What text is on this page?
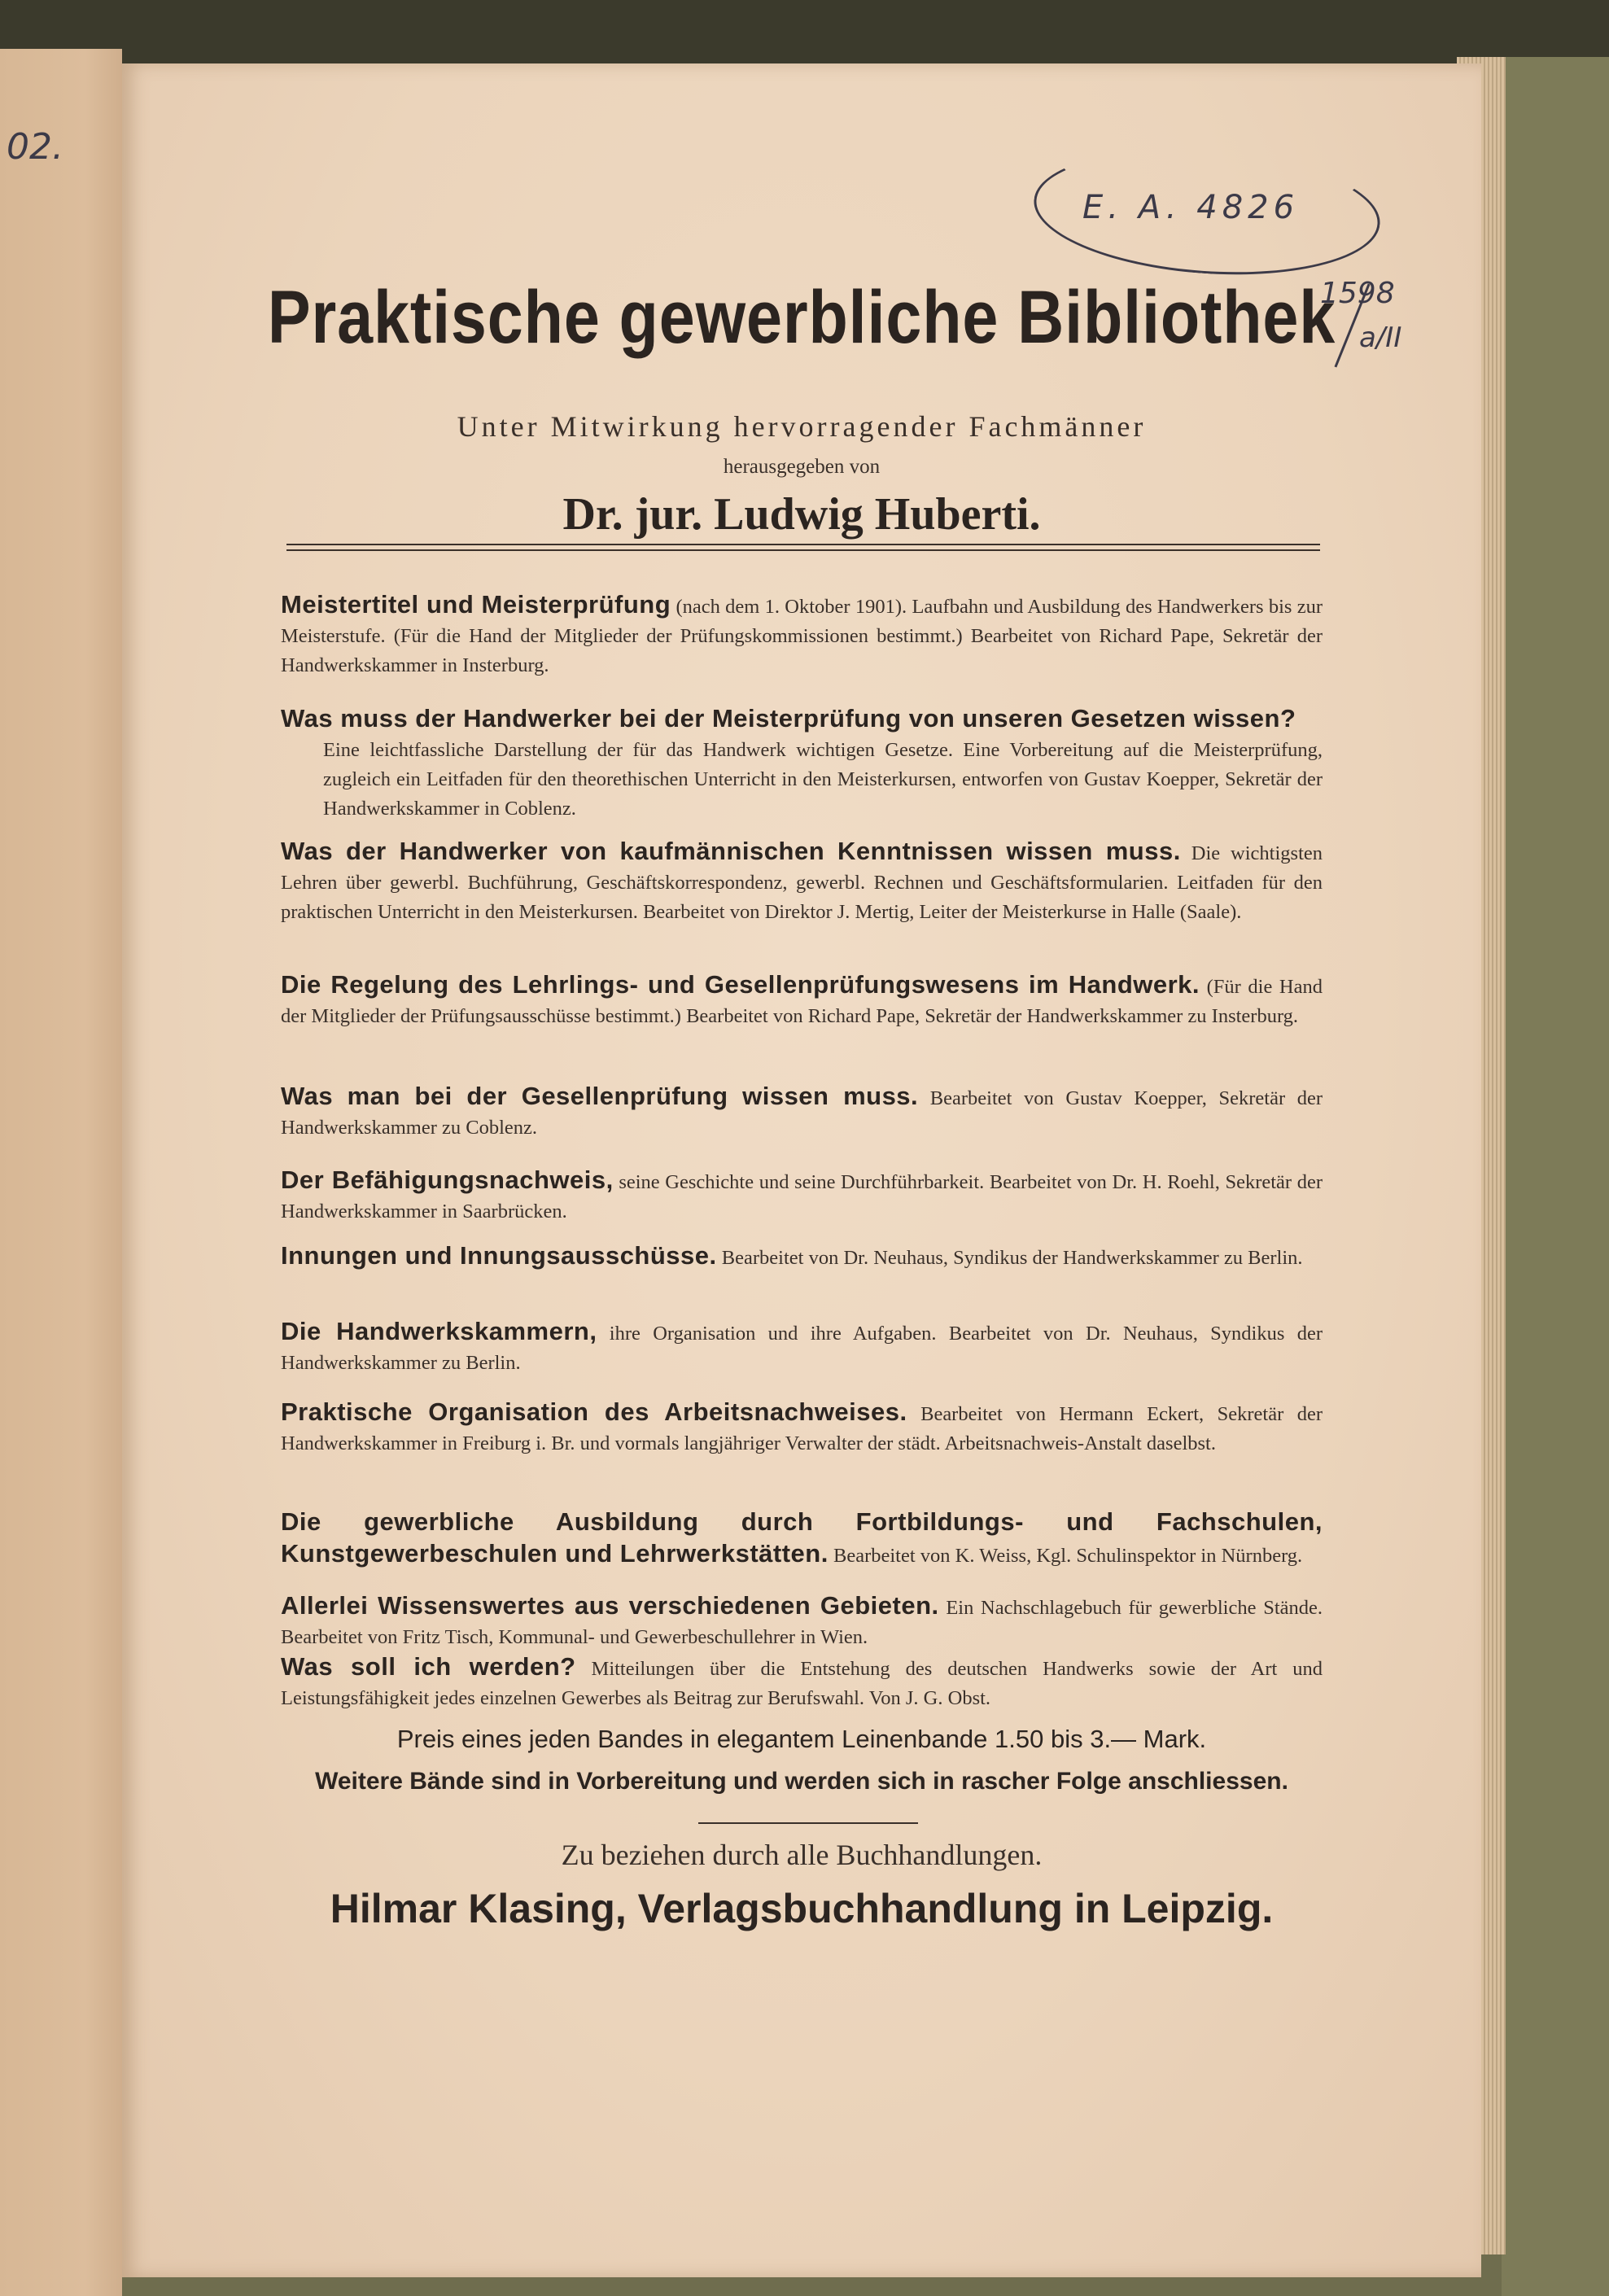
02.
E. A. 4826
1598
a/II
Praktische gewerbliche Bibliothek
Unter Mitwirkung hervorragender Fachmänner
herausgegeben von
Dr. jur. Ludwig Huberti.
Meistertitel und Meisterprüfung (nach dem 1. Oktober 1901). Laufbahn und Ausbildung des Handwerkers bis zur Meisterstufe. (Für die Hand der Mitglieder der Prüfungskommissionen bestimmt.) Bearbeitet von Richard Pape, Sekretär der Handwerkskammer in Insterburg.
Was muss der Handwerker bei der Meisterprüfung von unseren Gesetzen wissen?
Eine leichtfassliche Darstellung der für das Handwerk wichtigen Gesetze. Eine Vorbereitung auf die Meisterprüfung, zugleich ein Leitfaden für den theorethischen Unterricht in den Meisterkursen, entworfen von Gustav Koepper, Sekretär der Handwerkskammer in Coblenz.
Was der Handwerker von kaufmännischen Kenntnissen wissen muss. Die wichtigsten Lehren über gewerbl. Buchführung, Geschäftskorrespondenz, gewerbl. Rechnen und Geschäftsformularien. Leitfaden für den praktischen Unterricht in den Meisterkursen. Bearbeitet von Direktor J. Mertig, Leiter der Meisterkurse in Halle (Saale).
Die Regelung des Lehrlings- und Gesellenprüfungswesens im Handwerk. (Für die Hand der Mitglieder der Prüfungsausschüsse bestimmt.) Bearbeitet von Richard Pape, Sekretär der Handwerkskammer zu Insterburg.
Was man bei der Gesellenprüfung wissen muss. Bearbeitet von Gustav Koepper, Sekretär der Handwerkskammer zu Coblenz.
Der Befähigungsnachweis, seine Geschichte und seine Durchführbarkeit. Bearbeitet von Dr. H. Roehl, Sekretär der Handwerkskammer in Saarbrücken.
Innungen und Innungsausschüsse. Bearbeitet von Dr. Neuhaus, Syndikus der Handwerkskammer zu Berlin.
Die Handwerkskammern, ihre Organisation und ihre Aufgaben. Bearbeitet von Dr. Neuhaus, Syndikus der Handwerkskammer zu Berlin.
Praktische Organisation des Arbeitsnachweises. Bearbeitet von Hermann Eckert, Sekretär der Handwerkskammer in Freiburg i. Br. und vormals langjähriger Verwalter der städt. Arbeitsnachweis-Anstalt daselbst.
Die gewerbliche Ausbildung durch Fortbildungs- und Fachschulen, Kunstgewerbeschulen und Lehrwerkstätten. Bearbeitet von K. Weiss, Kgl. Schulinspektor in Nürnberg.
Allerlei Wissenswertes aus verschiedenen Gebieten. Ein Nachschlagebuch für gewerbliche Stände. Bearbeitet von Fritz Tisch, Kommunal- und Gewerbeschullehrer in Wien.
Was soll ich werden? Mitteilungen über die Entstehung des deutschen Handwerks sowie der Art und Leistungsfähigkeit jedes einzelnen Gewerbes als Beitrag zur Berufswahl. Von J. G. Obst.
Preis eines jeden Bandes in elegantem Leinenbande 1.50 bis 3.— Mark.
Weitere Bände sind in Vorbereitung und werden sich in rascher Folge anschliessen.
Zu beziehen durch alle Buchhandlungen.
Hilmar Klasing, Verlagsbuchhandlung in Leipzig.
